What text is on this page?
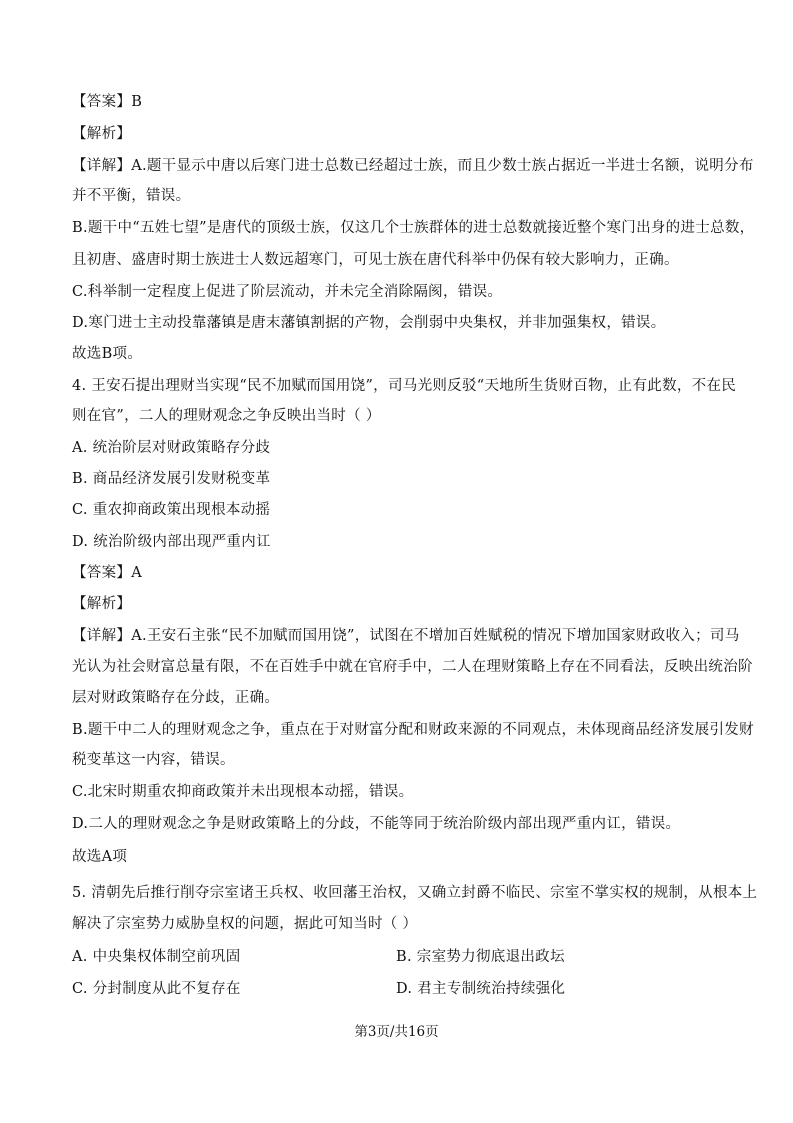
【答案】B
【解析】
【详解】A.题干显示中唐以后寒门进士总数已经超过士族，而且少数士族占据近一半进士名额，说明分布
并不平衡，错误。
B.题干中“五姓七望”是唐代的顶级士族，仅这几个士族群体的进士总数就接近整个寒门出身的进士总数，
且初唐、盛唐时期士族进士人数远超寒门，可见士族在唐代科举中仍保有较大影响力，正确。
C.科举制一定程度上促进了阶层流动，并未完全消除隔阂，错误。
D.寒门进士主动投靠藩镇是唐末藩镇割据的产物，会削弱中央集权，并非加强集权，错误。
故选B项。
4. 王安石提出理财当实现“民不加赋而国用饶”，司马光则反驳“天地所生货财百物，止有此数，不在民
则在官”，二人的理财观念之争反映出当时（ ）
A. 统治阶层对财政策略存分歧
B. 商品经济发展引发财税变革
C. 重农抑商政策出现根本动摇
D. 统治阶级内部出现严重内讧
【答案】A
【解析】
【详解】A.王安石主张“民不加赋而国用饶”，试图在不增加百姓赋税的情况下增加国家财政收入；司马
光认为社会财富总量有限，不在百姓手中就在官府手中，二人在理财策略上存在不同看法，反映出统治阶
层对财政策略存在分歧，正确。
B.题干中二人的理财观念之争，重点在于对财富分配和财政来源的不同观点，未体现商品经济发展引发财
税变革这一内容，错误。
C.北宋时期重农抑商政策并未出现根本动摇，错误。
D.二人的理财观念之争是财政策略上的分歧，不能等同于统治阶级内部出现严重内讧，错误。
故选A项
5. 清朝先后推行削夺宗室诸王兵权、收回藩王治权，又确立封爵不临民、宗室不掌实权的规制，从根本上
解决了宗室势力威胁皇权的问题，据此可知当时（ ）
A. 中央集权体制空前巩固	B. 宗室势力彻底退出政坛
C. 分封制度从此不复存在	D. 君主专制统治持续强化
第3页/共16页
